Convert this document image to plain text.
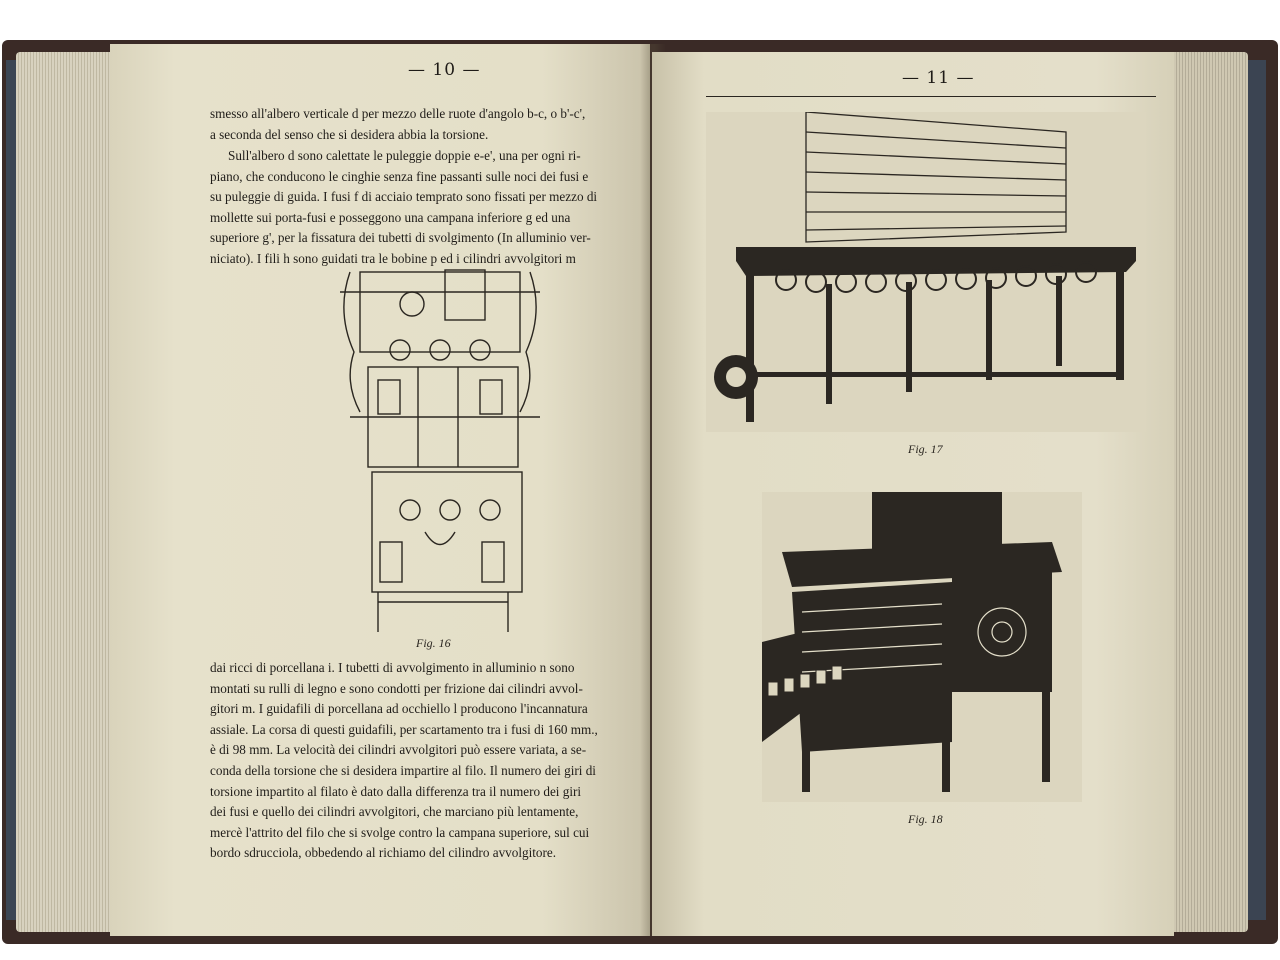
— 10 —
smesso all'albero verticale d per mezzo delle ruote d'angolo b-c, o b'-c',
a seconda del senso che si desidera abbia la torsione.
Sull'albero d sono calettate le puleggie doppie e-e', una per ogni ri-
piano, che conducono le cinghie senza fine passanti sulle noci dei fusi e
su puleggie di guida. I fusi f di acciaio temprato sono fissati per mezzo di
mollette sui porta-fusi e posseggono una campana inferiore g ed una
superiore g', per la fissatura dei tubetti di svolgimento (In alluminio ver-
niciato). I fili h sono guidati tra le bobine p ed i cilindri avvolgitori m
Fig. 16
dai ricci di porcellana i. I tubetti di avvolgimento in alluminio n sono
montati su rulli di legno e sono condotti per frizione dai cilindri avvol-
gitori m. I guidafili di porcellana ad occhiello l producono l'incannatura
assiale. La corsa di questi guidafili, per scartamento tra i fusi di 160 mm.,
è di 98 mm. La velocità dei cilindri avvolgitori può essere variata, a se-
conda della torsione che si desidera impartire al filo. Il numero dei giri di
torsione impartito al filato è dato dalla differenza tra il numero dei giri
dei fusi e quello dei cilindri avvolgitori, che marciano più lentamente,
mercè l'attrito del filo che si svolge contro la campana superiore, sul cui
bordo sdrucciola, obbedendo al richiamo del cilindro avvolgitore.
— 11 —
Fig. 17
Fig. 18
